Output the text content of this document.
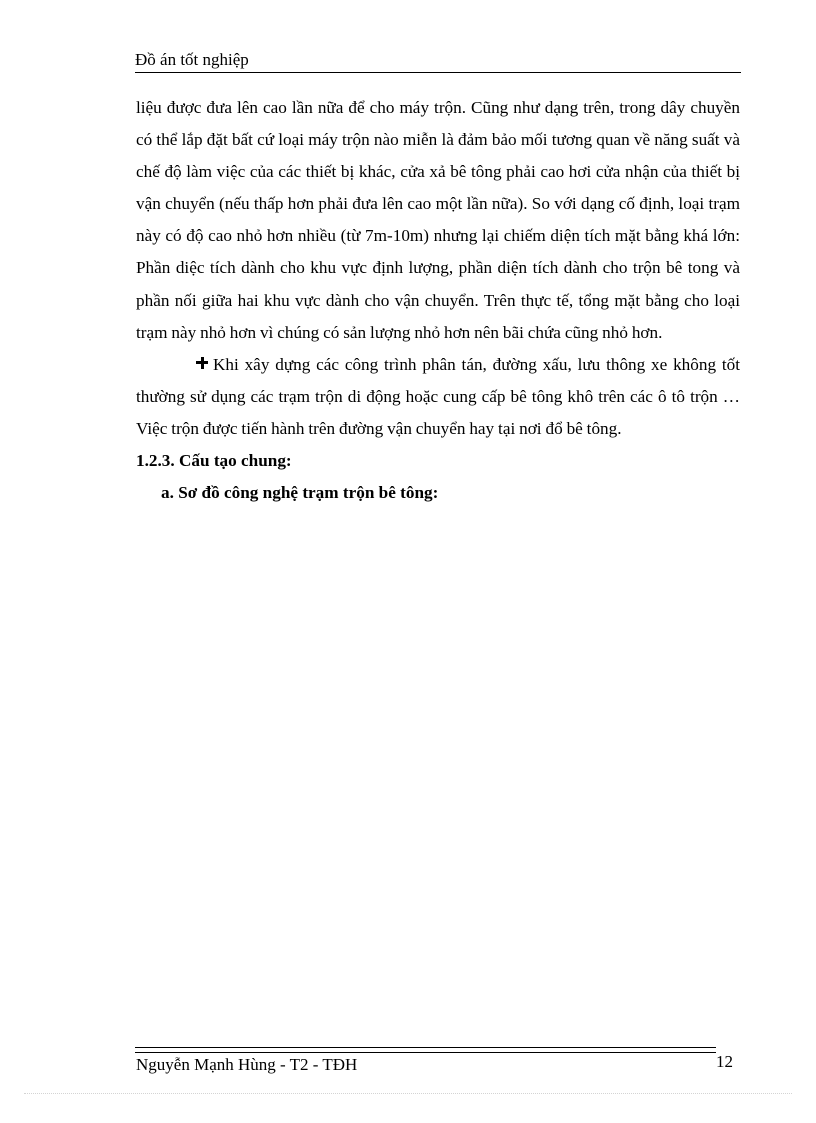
Đồ án tốt nghiệp

liệu được đưa lên cao lần nữa để cho máy trộn. Cũng như dạng trên, trong dây chuyền có thể lắp đặt bất cứ loại máy trộn nào miễn là đảm bảo mối tương quan về năng suất và chế độ làm việc của các thiết bị khác, cửa xả bê tông phải cao hơi cửa nhận của thiết bị vận chuyển (nếu thấp hơn phải đưa lên cao một lần nữa). So với dạng cố định, loại trạm này có độ cao nhỏ hơn nhiều (từ 7m-10m) nhưng lại chiếm diện tích mặt bằng khá lớn: Phần diệc tích dành cho khu vực định lượng, phần diện tích dành cho trộn bê tong và phần nối giữa hai khu vực dành cho vận chuyển. Trên thực tế, tổng mặt bằng cho loại trạm này nhỏ hơn vì chúng có sản lượng nhỏ hơn nên bãi chứa cũng nhỏ hơn.

Khi xây dựng các công trình phân tán, đường xấu, lưu thông xe không tốt thường sử dụng các trạm trộn di động hoặc cung cấp bê tông khô trên các ô tô trộn …Việc trộn được tiến hành trên đường vận chuyển hay tại nơi đổ bê tông.

1.2.3. Cấu tạo chung:

a. Sơ đồ công nghệ trạm trộn bê tông:

Nguyễn Mạnh Hùng - T2 - TĐH	12
